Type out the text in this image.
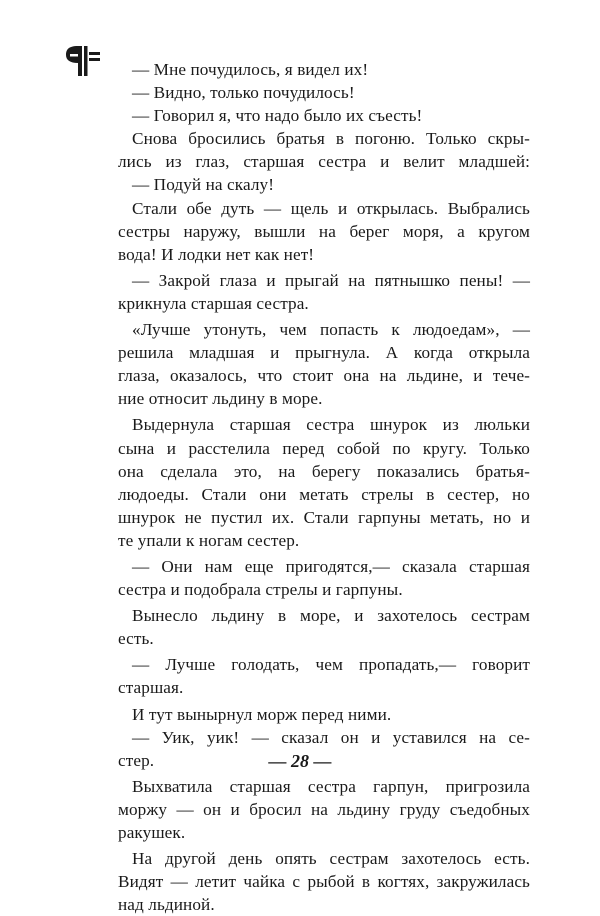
— Мне почудилось, я видел их!
— Видно, только почудилось!
— Говорил я, что надо было их съесть!
Снова бросились братья в погоню. Только скры-
лись из глаз, старшая сестра и велит младшей:
— Подуй на скалу!
Стали обе дуть — щель и открылась. Выбрались
сестры наружу, вышли на берег моря, а кругом
вода! И лодки нет как нет!
— Закрой глаза и прыгай на пятнышко пены! —
крикнула старшая сестра.
«Лучше утонуть, чем попасть к людоедам», —
решила младшая и прыгнула. А когда открыла
глаза, оказалось, что стоит она на льдине, и тече-
ние относит льдину в море.
Выдернула старшая сестра шнурок из люльки
сына и расстелила перед собой по кругу. Только
она сделала это, на берегу показались братья-
людоеды. Стали они метать стрелы в сестер, но
шнурок не пустил их. Стали гарпуны метать, но и
те упали к ногам сестер.
— Они нам еще пригодятся,— сказала старшая
сестра и подобрала стрелы и гарпуны.
Вынесло льдину в море, и захотелось сестрам
есть.
— Лучше голодать, чем пропадать,— говорит
старшая.
И тут вынырнул морж перед ними.
— Уик, уик! — сказал он и уставился на се-
стер.
Выхватила старшая сестра гарпун, пригрозила
моржу — он и бросил на льдину груду съедобных
ракушек.
На другой день опять сестрам захотелось есть.
Видят — летит чайка с рыбой в когтях, закружилась
над льдиной.
— 28 —
